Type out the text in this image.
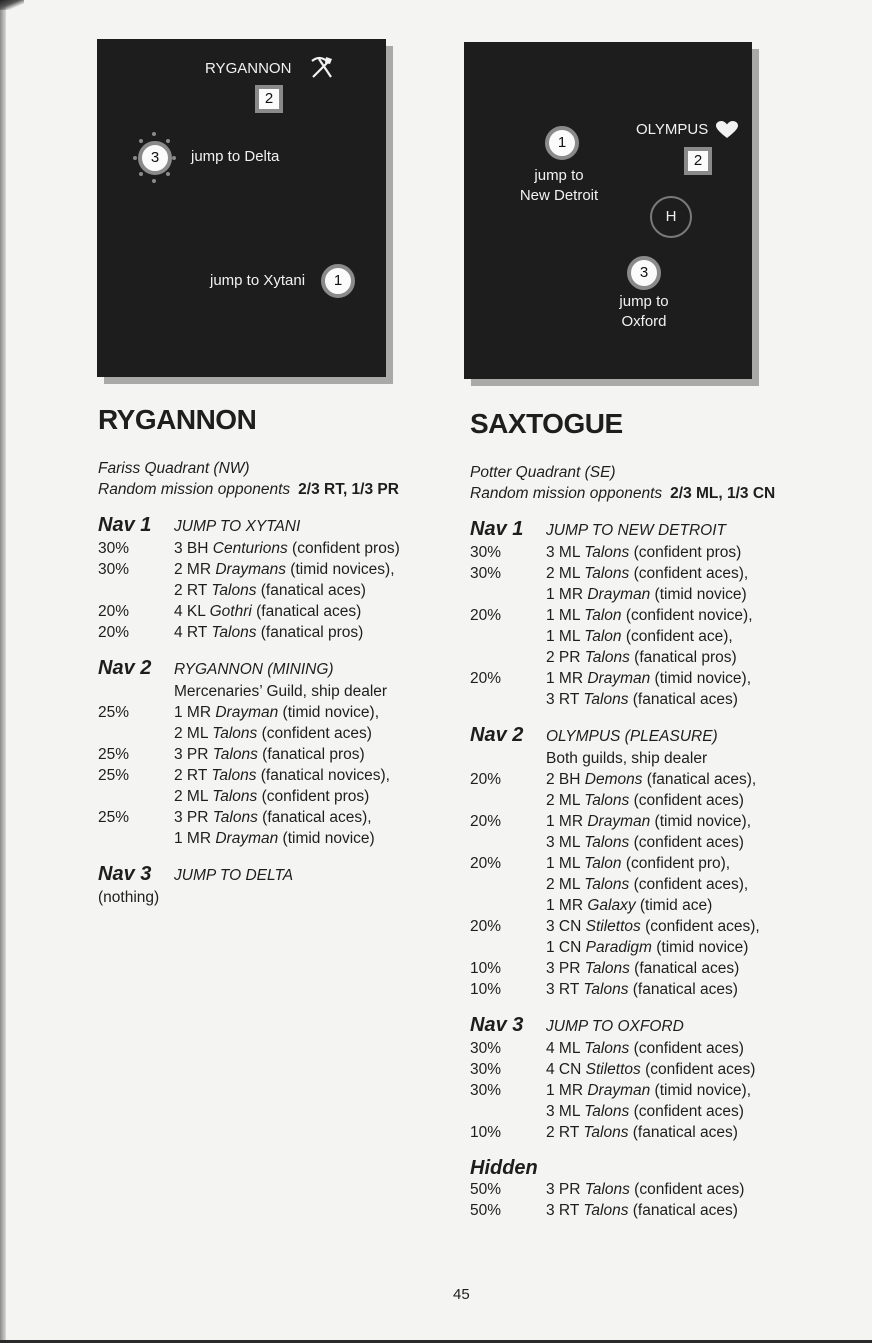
RYGANNON
2
3	jump to Delta
jump to Xytani	1
1
jump to
New Detroit
OLYMPUS
2
H
3
jump to
Oxford
RYGANNON
Fariss Quadrant (NW)
Random mission opponents 2/3 RT, 1/3 PR
Nav 1	JUMP TO XYTANI
30%	3 BH Centurions (confident pros)
30%	2 MR Draymans (timid novices),
2 RT Talons (fanatical aces)
20%	4 KL Gothri (fanatical aces)
20%	4 RT Talons (fanatical pros)
Nav 2	RYGANNON (MINING)
Mercenaries’ Guild, ship dealer
25%	1 MR Drayman (timid novice),
2 ML Talons (confident aces)
25%	3 PR Talons (fanatical pros)
25%	2 RT Talons (fanatical novices),
2 ML Talons (confident pros)
25%	3 PR Talons (fanatical aces),
1 MR Drayman (timid novice)
Nav 3	JUMP TO DELTA
(nothing)
SAXTOGUE
Potter Quadrant (SE)
Random mission opponents 2/3 ML, 1/3 CN
Nav 1	JUMP TO NEW DETROIT
30%	3 ML Talons (confident pros)
30%	2 ML Talons (confident aces),
1 MR Drayman (timid novice)
20%	1 ML Talon (confident novice),
1 ML Talon (confident ace),
2 PR Talons (fanatical pros)
20%	1 MR Drayman (timid novice),
3 RT Talons (fanatical aces)
Nav 2	OLYMPUS (PLEASURE)
Both guilds, ship dealer
20%	2 BH Demons (fanatical aces),
2 ML Talons (confident aces)
20%	1 MR Drayman (timid novice),
3 ML Talons (confident aces)
20%	1 ML Talon (confident pro),
2 ML Talons (confident aces),
1 MR Galaxy (timid ace)
20%	3 CN Stilettos (confident aces),
1 CN Paradigm (timid novice)
10%	3 PR Talons (fanatical aces)
10%	3 RT Talons (fanatical aces)
Nav 3	JUMP TO OXFORD
30%	4 ML Talons (confident aces)
30%	4 CN Stilettos (confident aces)
30%	1 MR Drayman (timid novice),
3 ML Talons (confident aces)
10%	2 RT Talons (fanatical aces)
Hidden
50%	3 PR Talons (confident aces)
50%	3 RT Talons (fanatical aces)
45
